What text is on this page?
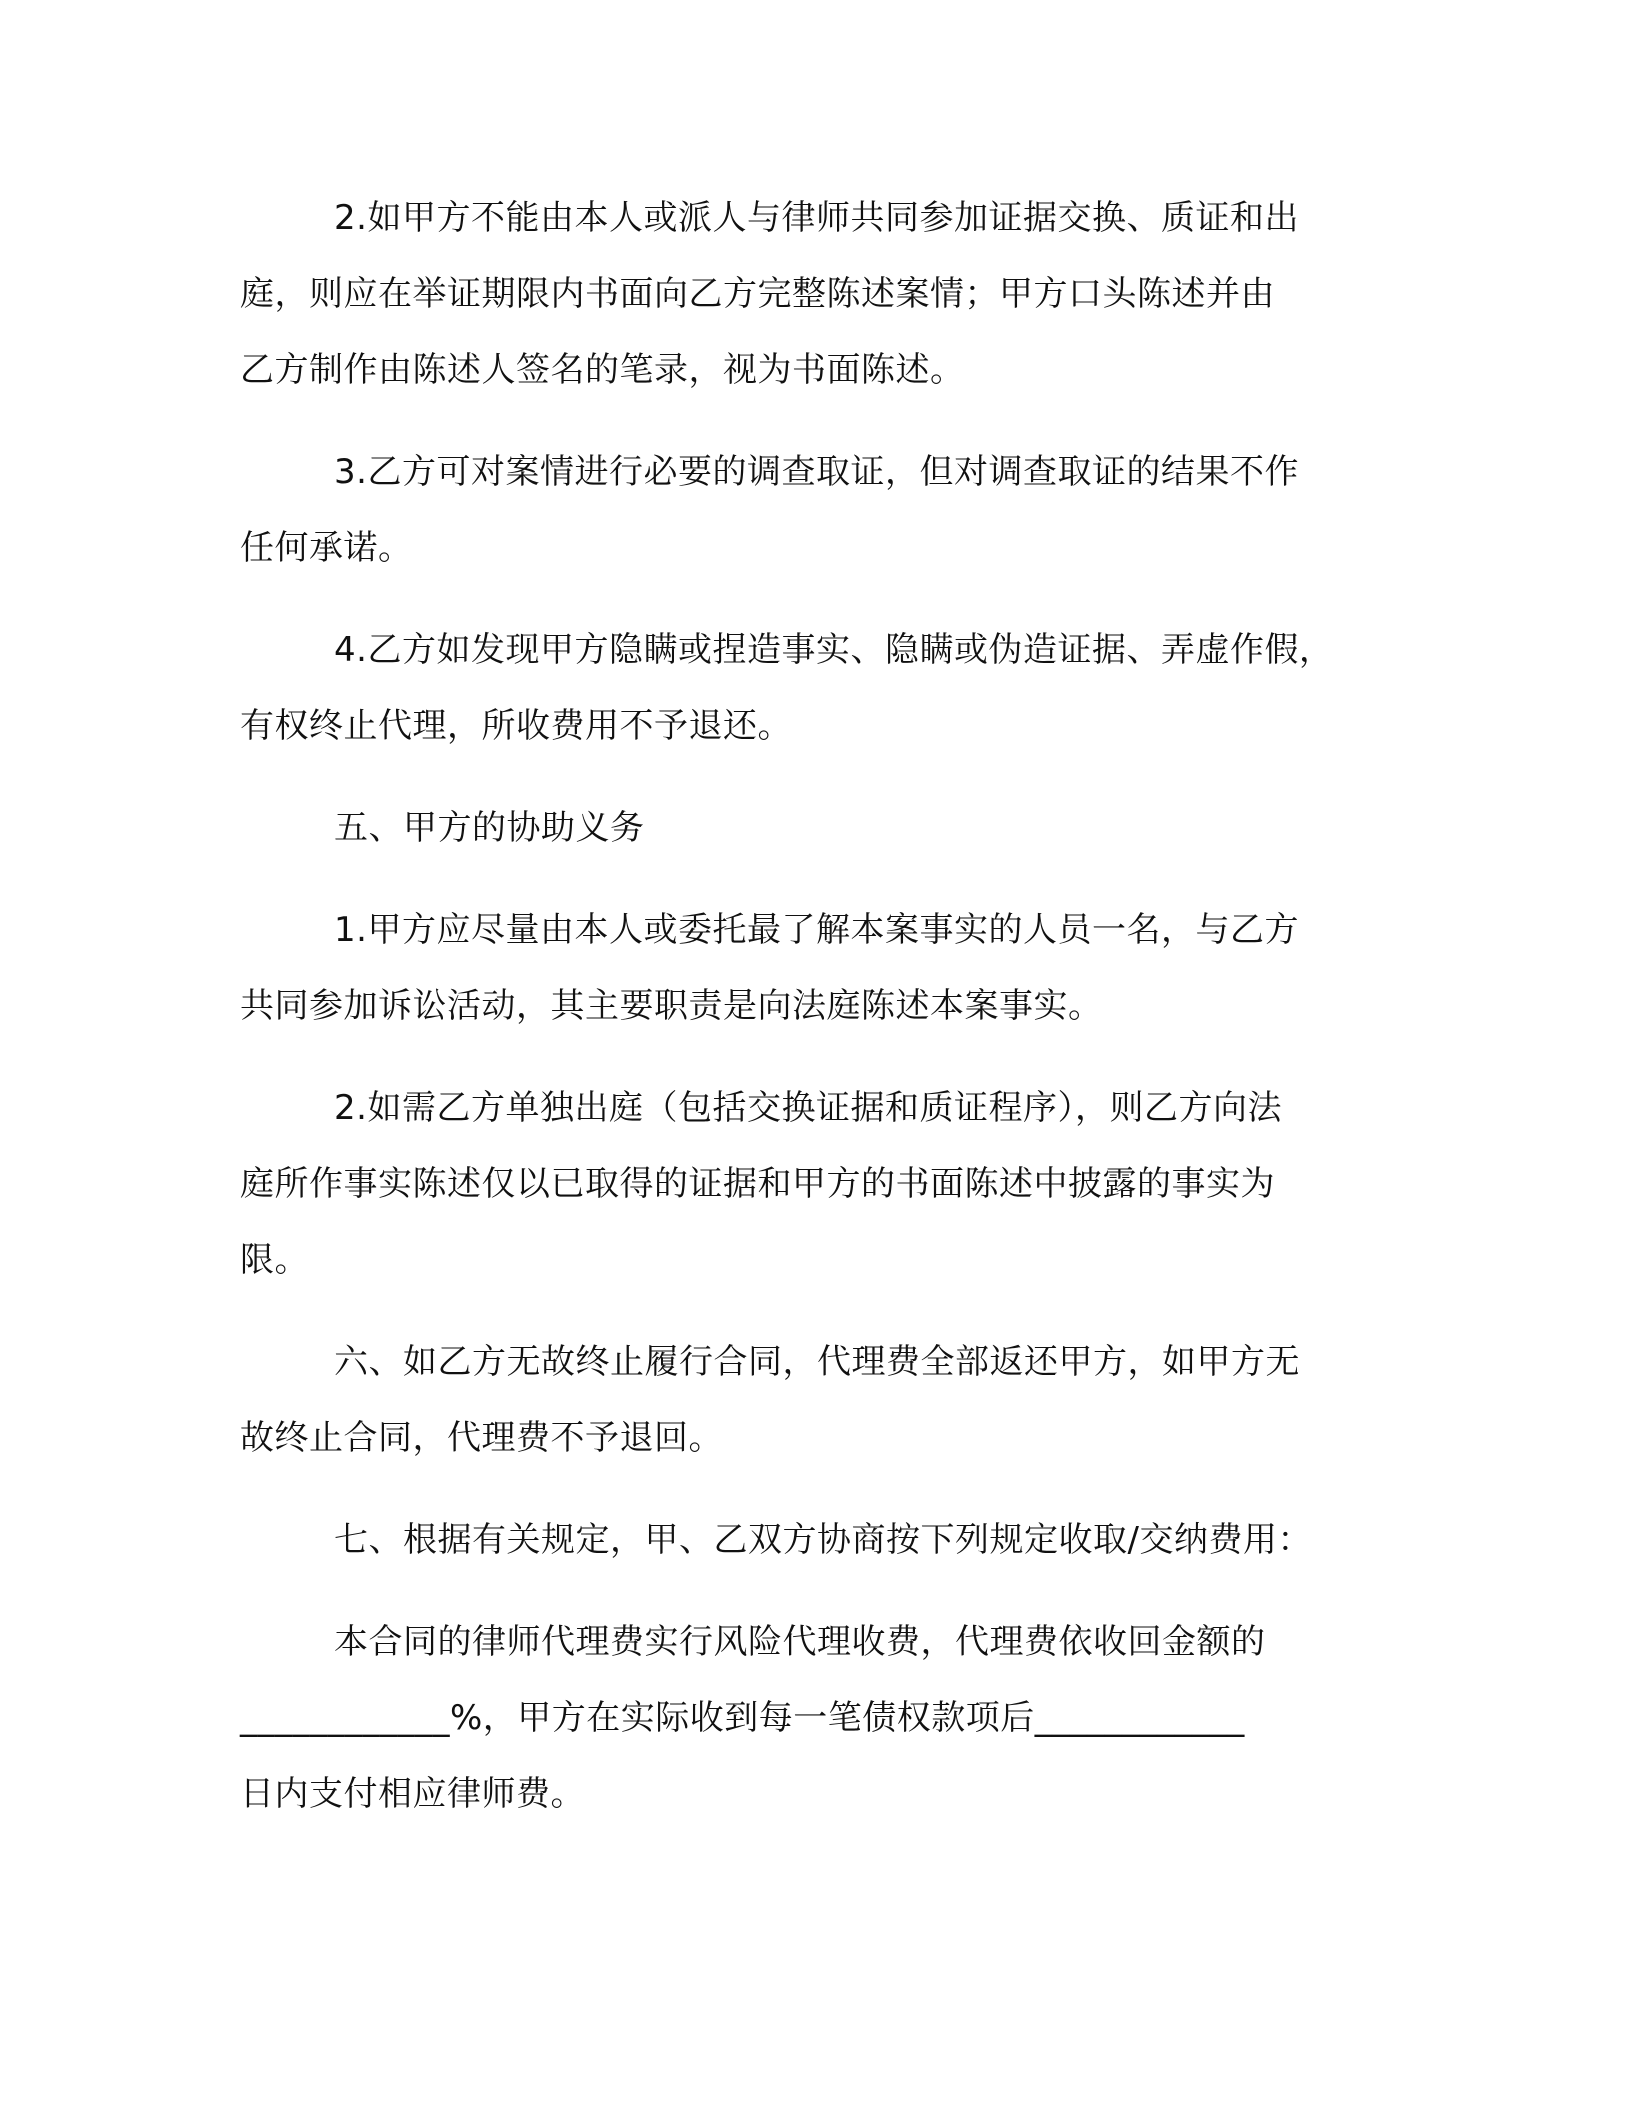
2.如甲方不能由本人或派人与律师共同参加证据交换、质证和出
庭，则应在举证期限内书面向乙方完整陈述案情；甲方口头陈述并由
乙方制作由陈述人签名的笔录，视为书面陈述。
3.乙方可对案情进行必要的调查取证，但对调查取证的结果不作
任何承诺。
4.乙方如发现甲方隐瞒或捏造事实、隐瞒或伪造证据、弄虚作假，
有权终止代理，所收费用不予退还。
五、甲方的协助义务
1.甲方应尽量由本人或委托最了解本案事实的人员一名，与乙方
共同参加诉讼活动，其主要职责是向法庭陈述本案事实。
2.如需乙方单独出庭（包括交换证据和质证程序），则乙方向法
庭所作事实陈述仅以已取得的证据和甲方的书面陈述中披露的事实为
限。
六、如乙方无故终止履行合同，代理费全部返还甲方，如甲方无
故终止合同，代理费不予退回。
七、根据有关规定，甲、乙双方协商按下列规定收取/交纳费用：
本合同的律师代理费实行风险代理收费，代理费依收回金额的
____________%，甲方在实际收到每一笔债权款项后____________
日内支付相应律师费。
